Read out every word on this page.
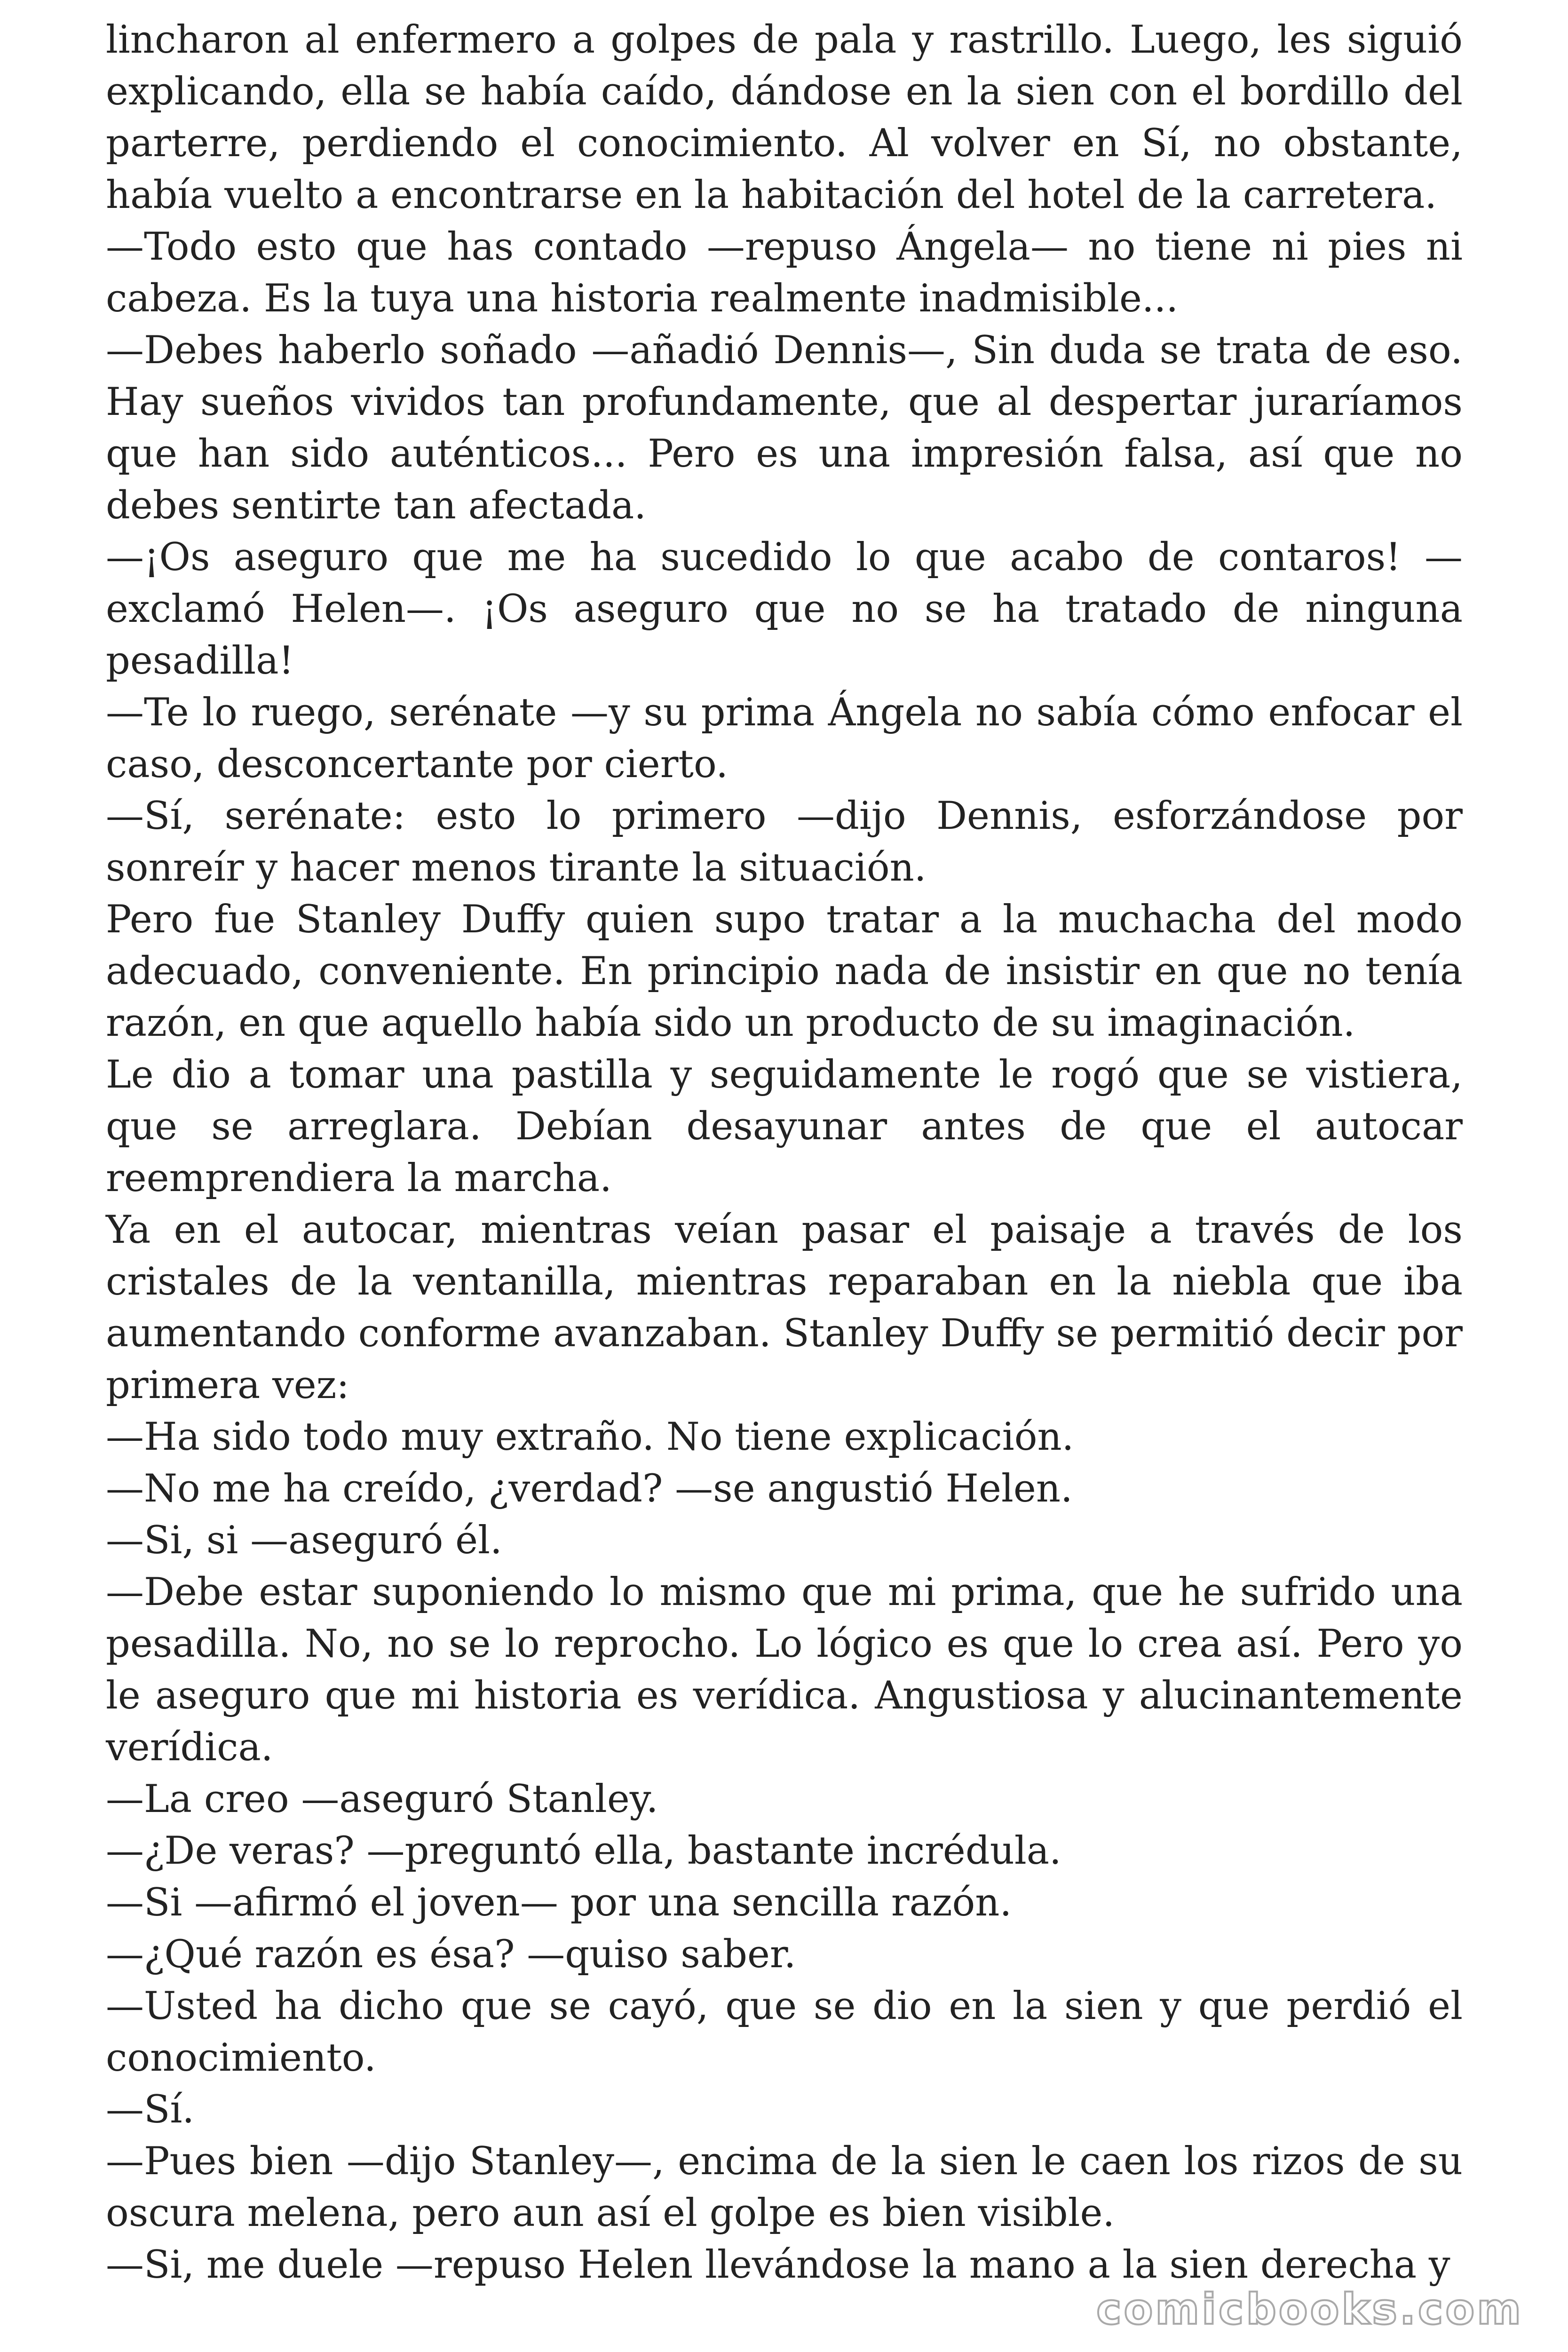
lincharon al enfermero a golpes de pala y rastrillo. Luego, les siguió explicando, ella se había caído, dándose en la sien con el bordillo del parterre, perdiendo el conocimiento. Al volver en Sí, no obstante, había vuelto a encontrarse en la habitación del hotel de la carretera.

—Todo esto que has contado —repuso Ángela— no tiene ni pies ni cabeza. Es la tuya una historia realmente inadmisible...

—Debes haberlo soñado —añadió Dennis—, Sin duda se trata de eso. Hay sueños vividos tan profundamente, que al despertar juraríamos que han sido auténticos... Pero es una impresión falsa, así que no debes sentirte tan afectada.

—¡Os aseguro que me ha sucedido lo que acabo de contaros! —exclamó Helen—. ¡Os aseguro que no se ha tratado de ninguna pesadilla!

—Te lo ruego, serénate —y su prima Ángela no sabía cómo enfocar el caso, desconcertante por cierto.

—Sí, serénate: esto lo primero —dijo Dennis, esforzándose por sonreír y hacer menos tirante la situación.

Pero fue Stanley Duffy quien supo tratar a la muchacha del modo adecuado, conveniente. En principio nada de insistir en que no tenía razón, en que aquello había sido un producto de su imaginación.

Le dio a tomar una pastilla y seguidamente le rogó que se vistiera, que se arreglara. Debían desayunar antes de que el autocar reemprendiera la marcha.

Ya en el autocar, mientras veían pasar el paisaje a través de los cristales de la ventanilla, mientras reparaban en la niebla que iba aumentando conforme avanzaban. Stanley Duffy se permitió decir por primera vez:

—Ha sido todo muy extraño. No tiene explicación.

—No me ha creído, ¿verdad? —se angustió Helen.

—Si, si —aseguró él.

—Debe estar suponiendo lo mismo que mi prima, que he sufrido una pesadilla. No, no se lo reprocho. Lo lógico es que lo crea así. Pero yo le aseguro que mi historia es verídica. Angustiosa y alucinantemente verídica.

—La creo —aseguró Stanley.

—¿De veras? —preguntó ella, bastante incrédula.

—Si —afirmó el joven— por una sencilla razón.

—¿Qué razón es ésa? —quiso saber.

—Usted ha dicho que se cayó, que se dio en la sien y que perdió el conocimiento.

—Sí.

—Pues bien —dijo Stanley—, encima de la sien le caen los rizos de su oscura melena, pero aun así el golpe es bien visible.

—Si, me duele —repuso Helen llevándose la mano a la sien derecha y

comicbooks.com
